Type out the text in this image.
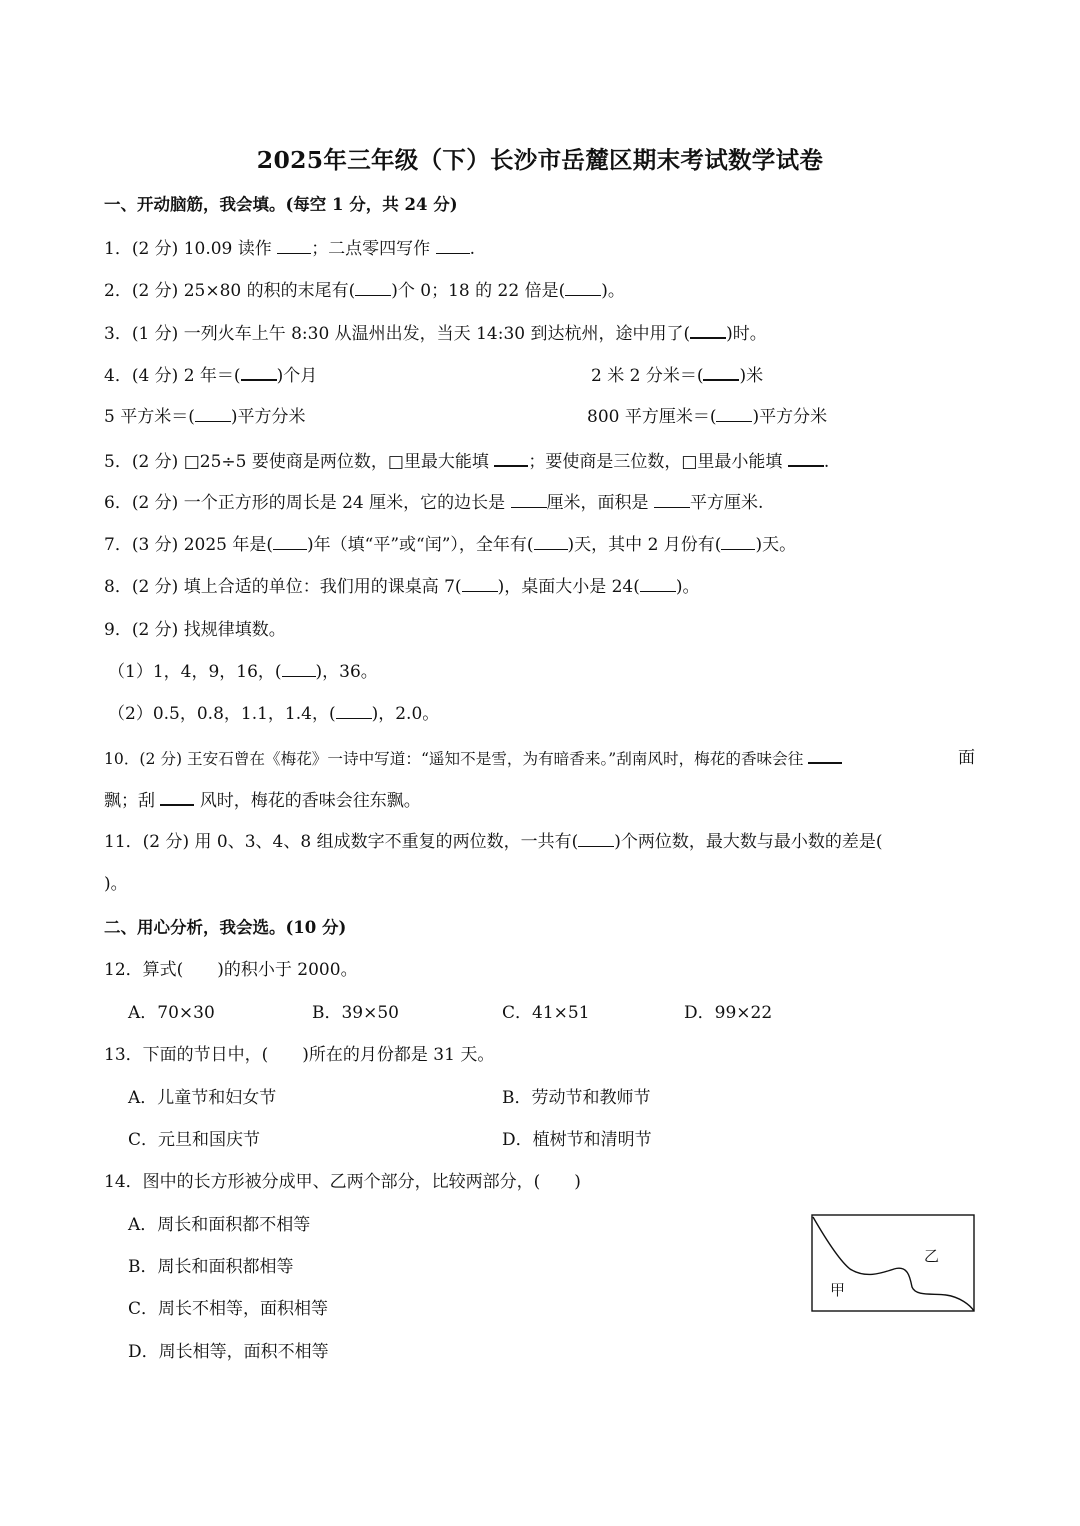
2025年三年级（下）长沙市岳麓区期末考试数学试卷
一、开动脑筋，我会填。(每空 1 分，共 24 分)
1．(2 分) 10.09 读作 ；二点零四写作 .
2．(2 分) 25×80 的积的末尾有( )个 0；18 的 22 倍是( )。
3．(1 分) 一列火车上午 8:30 从温州出发，当天 14:30 到达杭州，途中用了( )时。
4．(4 分) 2 年＝( )个月	2 米 2 分米＝( )米
5 平方米＝( )平方分米	800 平方厘米＝( )平方分米
5．(2 分) □25÷5 要使商是两位数，□里最大能填 ；要使商是三位数，□里最小能填 .
6．(2 分) 一个正方形的周长是 24 厘米，它的边长是 厘米，面积是 平方厘米.
7．(3 分) 2025 年是( )年（填“平”或“闰”），全年有( )天，其中 2 月份有( )天。
8．(2 分) 填上合适的单位：我们用的课桌高 7( )，桌面大小是 24( )。
9．(2 分) 找规律填数。
（1）1，4，9，16，( )，36。
（2）0.5，0.8，1.1，1.4，( )，2.0。
10．(2 分) 王安石曾在《梅花》一诗中写道：“遥知不是雪，为有暗香来。”刮南风时，梅花的香味会往	面
飘；刮	风时，梅花的香味会往东飘。
11．(2 分) 用 0、3、4、8 组成数字不重复的两位数，一共有( )个两位数，最大数与最小数的差是(
)。
二、用心分析，我会选。(10 分)
12．算式(　　)的积小于 2000。
A．70×30	B．39×50	C．41×51	D．99×22
13．下面的节日中，(　　)所在的月份都是 31 天。
A．儿童节和妇女节	B．劳动节和教师节
C．元旦和国庆节	D．植树节和清明节
14．图中的长方形被分成甲、乙两个部分，比较两部分，(　　)
A．周长和面积都不相等
B．周长和面积都相等
C．周长不相等，面积相等
D．周长相等，面积不相等
甲
乙
